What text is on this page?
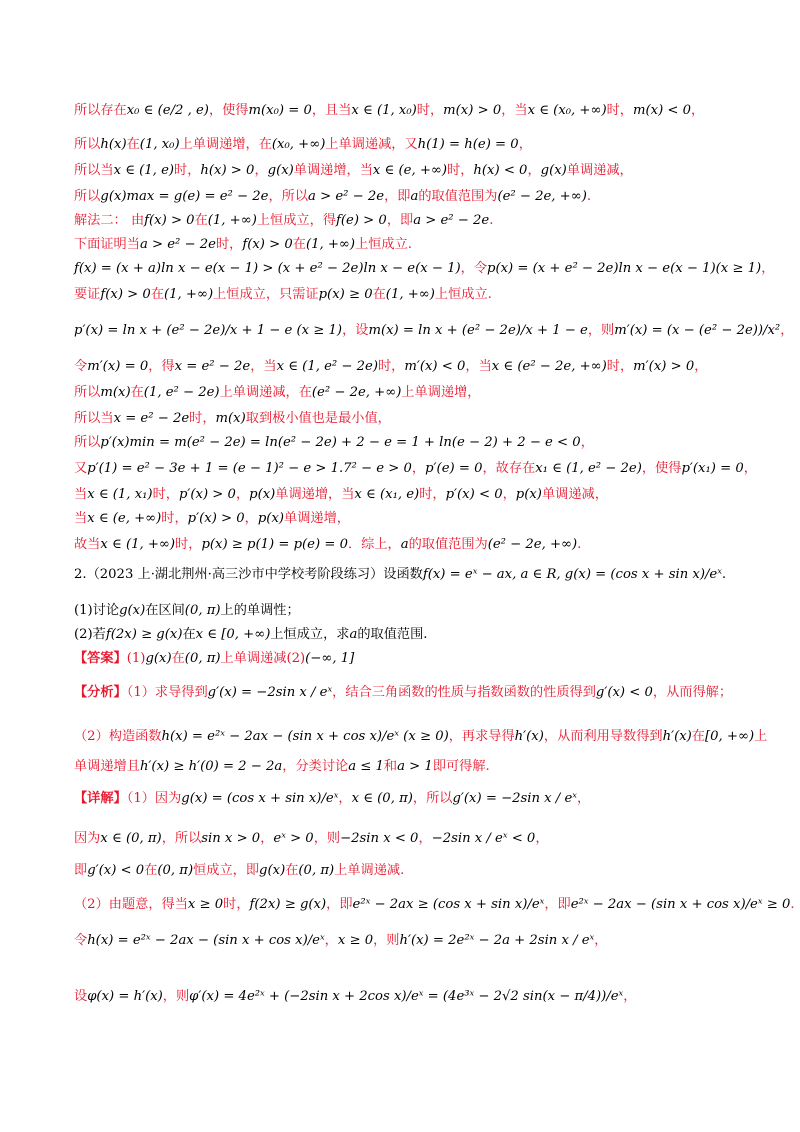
所以存在x₀ ∈ (e/2 , e)，使得m(x₀) = 0，且当x ∈ (1, x₀)时，m(x) > 0，当x ∈ (x₀, +∞)时，m(x) < 0，
所以h(x)在(1, x₀)上单调递增，在(x₀, +∞)上单调递减，又h(1) = h(e) = 0，
所以当x ∈ (1, e)时，h(x) > 0，g(x)单调递增，当x ∈ (e, +∞)时，h(x) < 0，g(x)单调递减，
所以g(x)max = g(e) = e² − 2e，所以a > e² − 2e，即a的取值范围为(e² − 2e, +∞).
解法二： 由f(x) > 0在(1, +∞)上恒成立，得f(e) > 0，即a > e² − 2e.
下面证明当a > e² − 2e时，f(x) > 0在(1, +∞)上恒成立.
f(x) = (x + a)ln x − e(x − 1) > (x + e² − 2e)ln x − e(x − 1)，令p(x) = (x + e² − 2e)ln x − e(x − 1)(x ≥ 1)，
要证f(x) > 0在(1, +∞)上恒成立，只需证p(x) ≥ 0在(1, +∞)上恒成立.
p′(x) = ln x + (e² − 2e)/x + 1 − e (x ≥ 1)，设m(x) = ln x + (e² − 2e)/x + 1 − e，则m′(x) = (x − (e² − 2e))/x²，
令m′(x) = 0，得x = e² − 2e，当x ∈ (1, e² − 2e)时，m′(x) < 0，当x ∈ (e² − 2e, +∞)时，m′(x) > 0，
所以m(x)在(1, e² − 2e)上单调递减，在(e² − 2e, +∞)上单调递增，
所以当x = e² − 2e时，m(x)取到极小值也是最小值，
所以p′(x)min = m(e² − 2e) = ln(e² − 2e) + 2 − e = 1 + ln(e − 2) + 2 − e < 0，
又p′(1) = e² − 3e + 1 = (e − 1)² − e > 1.7² − e > 0，p′(e) = 0，故存在x₁ ∈ (1, e² − 2e)，使得p′(x₁) = 0，
当x ∈ (1, x₁)时，p′(x) > 0，p(x)单调递增，当x ∈ (x₁, e)时，p′(x) < 0，p(x)单调递减，
当x ∈ (e, +∞)时，p′(x) > 0，p(x)单调递增，
故当x ∈ (1, +∞)时，p(x) ≥ p(1) = p(e) = 0．综上，a的取值范围为(e² − 2e, +∞).
2.（2023 上·湖北荆州·高三沙市中学校考阶段练习）设函数f(x) = eˣ − ax, a ∈ R, g(x) = (cos x + sin x)/eˣ.
(1)讨论g(x)在区间(0, π)上的单调性；
(2)若f(2x) ≥ g(x)在x ∈ [0, +∞)上恒成立，求a的取值范围.
【答案】(1)g(x)在(0, π)上单调递减(2)(−∞, 1]
【分析】（1）求导得到g′(x) = −2sin x / eˣ，结合三角函数的性质与指数函数的性质得到g′(x) < 0，从而得解；
（2）构造函数h(x) = e²ˣ − 2ax − (sin x + cos x)/eˣ (x ≥ 0)，再求导得h′(x)，从而利用导数得到h′(x)在[0, +∞)上
单调递增且h′(x) ≥ h′(0) = 2 − 2a，分类讨论a ≤ 1和a > 1即可得解.
【详解】（1）因为g(x) = (cos x + sin x)/eˣ，x ∈ (0, π)，所以g′(x) = −2sin x / eˣ，
因为x ∈ (0, π)，所以sin x > 0，eˣ > 0，则−2sin x < 0，−2sin x / eˣ < 0，
即g′(x) < 0在(0, π)恒成立，即g(x)在(0, π)上单调递减.
（2）由题意，得当x ≥ 0时，f(2x) ≥ g(x)，即e²ˣ − 2ax ≥ (cos x + sin x)/eˣ，即e²ˣ − 2ax − (sin x + cos x)/eˣ ≥ 0.
令h(x) = e²ˣ − 2ax − (sin x + cos x)/eˣ，x ≥ 0，则h′(x) = 2e²ˣ − 2a + 2sin x / eˣ，
设φ(x) = h′(x)，则φ′(x) = 4e²ˣ + (−2sin x + 2cos x)/eˣ = (4e³ˣ − 2√2 sin(x − π/4))/eˣ，
